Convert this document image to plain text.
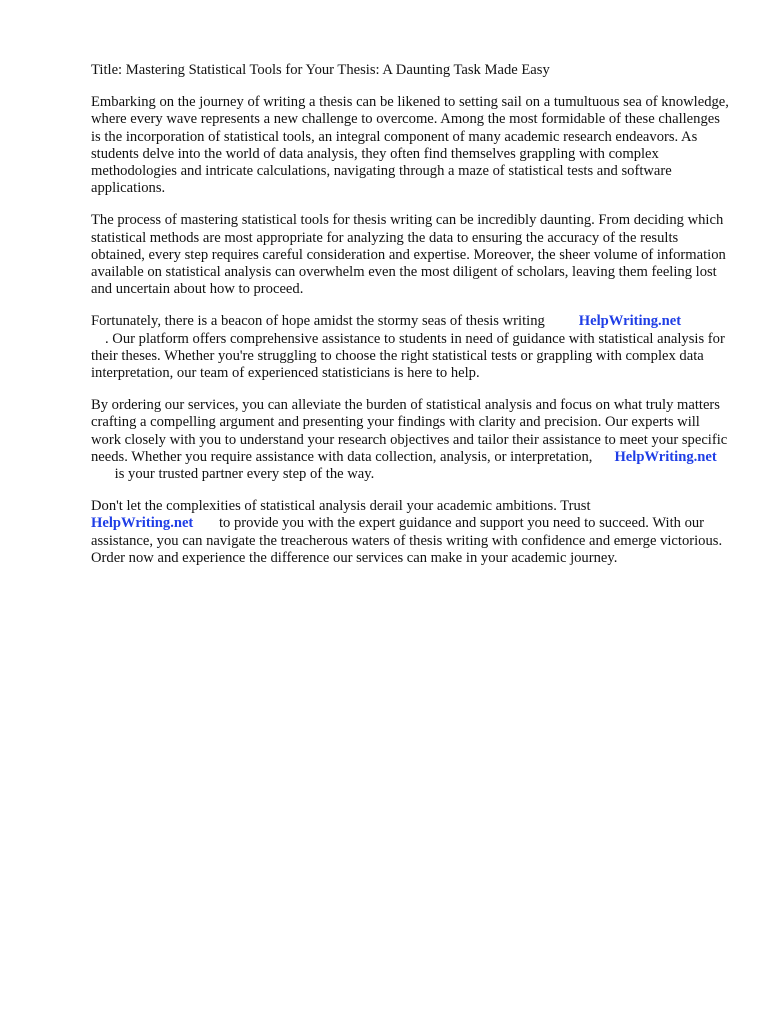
Title: Mastering Statistical Tools for Your Thesis: A Daunting Task Made Easy

Embarking on the journey of writing a thesis can be likened to setting sail on a tumultuous sea of knowledge, where every wave represents a new challenge to overcome. Among the most formidable of these challenges is the incorporation of statistical tools, an integral component of many academic research endeavors. As students delve into the world of data analysis, they often find themselves grappling with complex methodologies and intricate calculations, navigating through a maze of statistical tests and software applications.

The process of mastering statistical tools for thesis writing can be incredibly daunting. From deciding which statistical methods are most appropriate for analyzing the data to ensuring the accuracy of the results obtained, every step requires careful consideration and expertise. Moreover, the sheer volume of information available on statistical analysis can overwhelm even the most diligent of scholars, leaving them feeling lost and uncertain about how to proceed.

Fortunately, there is a beacon of hope amidst the stormy seas of thesis writing HelpWriting.net
. Our platform offers comprehensive assistance to students in need of guidance with statistical analysis for their theses. Whether you're struggling to choose the right statistical tests or grappling with complex data interpretation, our team of experienced statisticians is here to help.

By ordering our services, you can alleviate the burden of statistical analysis and focus on what truly matters crafting a compelling argument and presenting your findings with clarity and precision. Our experts will work closely with you to understand your research objectives and tailor their assistance to meet your specific needs. Whether you require assistance with data collection, analysis, or interpretation, HelpWriting.net is your trusted partner every step of the way.

Don't let the complexities of statistical analysis derail your academic ambitions. Trust
HelpWriting.net to provide you with the expert guidance and support you need to succeed. With our assistance, you can navigate the treacherous waters of thesis writing with confidence and emerge victorious. Order now and experience the difference our services can make in your academic journey.
